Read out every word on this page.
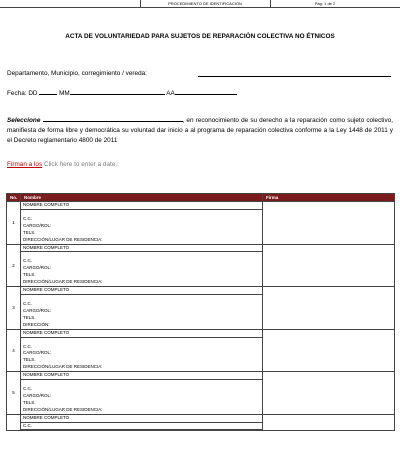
PROCEDIMIENTO DE IDENTIFICACIÓN	Pág: 1 de 2
ACTA DE VOLUNTARIEDAD PARA SUJETOS DE REPARACIÓN COLECTIVA NO ÉTNICOS
Departamento, Municipio, corregimiento / vereda:
Fecha: DD	MM	AA
Seleccione	, en reconocimiento de su derecho a la reparación como sujeto colectivo, manifiesta de forma libre y democrática su voluntad dar inicio a al programa de reparación colectiva conforme a la Ley 1448 de 2011 y el Decreto reglamentario 4800 de 2011
Firman a los Click here to enter a date.:
No.	Nombre	Firma
1	NOMBRE COMPLETO
C.C.
CARGO/ROL:
TELS.
DIRECCIÓN/LUGAR DE RESIDENCIA:	

2	NOMBRE COMPLETO
C.C.
CARGO/ROL:
TELS.
DIRECCIÓN/LUGAR DE RESIDENCIA:	

3	NOMBRE COMPLETO
C.C.
CARGO/ROL:
TELS.
DIRECCIÓN:	

4	NOMBRE COMPLETO
C.C.
CARGO/ROL:
TELS.
DIRECCIÓN/LUGAR DE RESIDENCIA:	

5	NOMBRE COMPLETO
C.C.
CARGO/ROL:
TELS.
DIRECCIÓN/LUGAR DE RESIDENCIA:	

	NOMBRE COMPLETO
C.C.	
